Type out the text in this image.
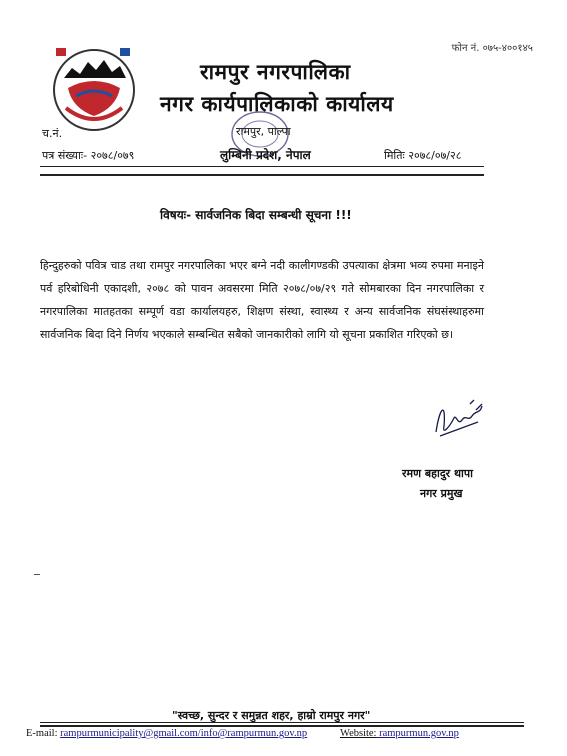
फोन नं. ०७५-४००१४५
रामपुर नगरपालिका
नगर कार्यपालिकाको कार्यालय
रामपुर, पाल्पा
लुम्बिनी प्रदेश, नेपाल
च.नं.
पत्र संख्याः- २०७८/०७९	मितिः २०७८/०७/२८
विषयः- सार्वजनिक बिदा सम्बन्धी सूचना !!!
हिन्दुहरुको पवित्र चाड तथा रामपुर नगरपालिका भएर बग्ने नदी कालीगण्डकी उपत्याका क्षेत्रमा भव्य रुपमा मनाइने पर्व हरिबोधिनी एकादशी, २०७८ को पावन अवसरमा मिति २०७८/०७/२९ गते सोमबारका दिन नगरपालिका र नगरपालिका मातहतका सम्पूर्ण वडा कार्यालयहरु, शिक्षण संस्था, स्वास्थ्य र अन्य सार्वजनिक संघसंस्थाहरुमा सार्वजनिक बिदा दिने निर्णय भएकाले सम्बन्धित सबैको जानकारीको लागि यो सूचना प्रकाशित गरिएको छ।
रमण बहादुर थापा
नगर प्रमुख
"स्वच्छ, सुन्दर र समुन्नत शहर, हाम्रो रामपुर नगर"
E-mail: rampurmunicipality@gmail.com/info@rampurmun.gov.np	Website: rampurmun.gov.np
